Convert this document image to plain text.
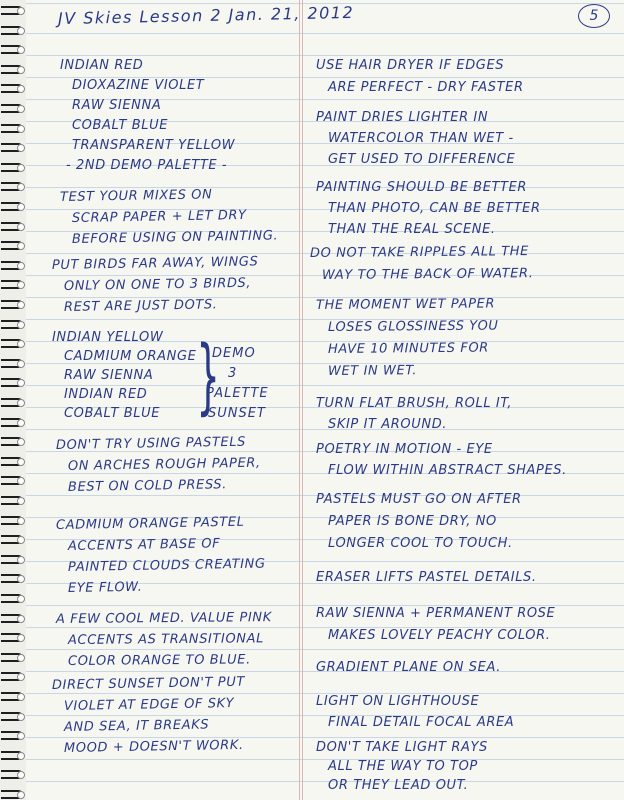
JV Skies Lesson 2 Jan. 21, 2012	5
INDIAN RED
DIOXAZINE VIOLET
RAW SIENNA
COBALT BLUE
TRANSPARENT YELLOW
- 2ND DEMO PALETTE -
TEST YOUR MIXES ON
SCRAP PAPER + LET DRY
BEFORE USING ON PAINTING.
PUT BIRDS FAR AWAY, WINGS
ONLY ON ONE TO 3 BIRDS,
REST ARE JUST DOTS.
INDIAN YELLOW
CADMIUM ORANGE
RAW SIENNA
INDIAN RED
COBALT BLUE
DON'T TRY USING PASTELS
ON ARCHES ROUGH PAPER,
BEST ON COLD PRESS.
CADMIUM ORANGE PASTEL
ACCENTS AT BASE OF
PAINTED CLOUDS CREATING
EYE FLOW.
A FEW COOL MED. VALUE PINK
ACCENTS AS TRANSITIONAL
COLOR ORANGE TO BLUE.
DIRECT SUNSET DON'T PUT
VIOLET AT EDGE OF SKY
AND SEA, IT BREAKS
MOOD + DOESN'T WORK.
USE HAIR DRYER IF EDGES
ARE PERFECT - DRY FASTER
PAINT DRIES LIGHTER IN
WATERCOLOR THAN WET -
GET USED TO DIFFERENCE
PAINTING SHOULD BE BETTER
THAN PHOTO, CAN BE BETTER
THAN THE REAL SCENE.
DO NOT TAKE RIPPLES ALL THE
WAY TO THE BACK OF WATER.
THE MOMENT WET PAPER
LOSES GLOSSINESS YOU
HAVE 10 MINUTES FOR
WET IN WET.
TURN FLAT BRUSH, ROLL IT,
SKIP IT AROUND.
POETRY IN MOTION - EYE
FLOW WITHIN ABSTRACT SHAPES.
PASTELS MUST GO ON AFTER
PAPER IS BONE DRY, NO
LONGER COOL TO TOUCH.
ERASER LIFTS PASTEL DETAILS.
RAW SIENNA + PERMANENT ROSE
MAKES LOVELY PEACHY COLOR.
GRADIENT PLANE ON SEA.
LIGHT ON LIGHTHOUSE
FINAL DETAIL FOCAL AREA
DON'T TAKE LIGHT RAYS
ALL THE WAY TO TOP
OR THEY LEAD OUT.
}
DEMO
3
PALETTE
SUNSET
